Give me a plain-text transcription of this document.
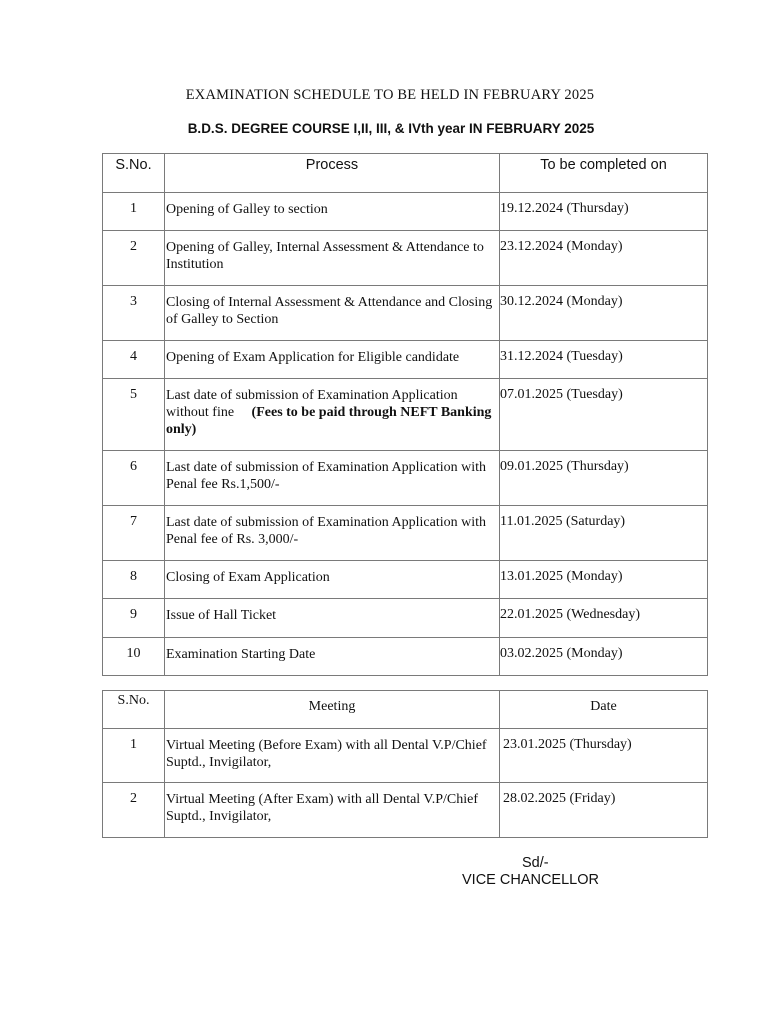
EXAMINATION SCHEDULE TO BE HELD IN FEBRUARY 2025
B.D.S. DEGREE COURSE I,II, III, & IVth year IN FEBRUARY 2025
S.No.	Process	To be completed on
1	Opening of Galley to section	19.12.2024 (Thursday)
2	Opening of Galley, Internal Assessment & Attendance to Institution	23.12.2024 (Monday)
3	Closing of Internal Assessment & Attendance and Closing of Galley to Section	30.12.2024 (Monday)
4	Opening of Exam Application for Eligible candidate	31.12.2024 (Tuesday)
5	Last date of submission of Examination Application without fine (Fees to be paid through NEFT Banking only)	07.01.2025 (Tuesday)
6	Last date of submission of Examination Application with Penal fee Rs.1,500/-	09.01.2025 (Thursday)
7	Last date of submission of Examination Application with Penal fee of Rs. 3,000/-	11.01.2025 (Saturday)
8	Closing of Exam Application	13.01.2025 (Monday)
9	Issue of Hall Ticket	22.01.2025 (Wednesday)
10	Examination Starting Date	03.02.2025 (Monday)
S.No.	Meeting	Date
1	Virtual Meeting (Before Exam) with all Dental V.P/Chief Suptd., Invigilator,	23.01.2025 (Thursday)
2	Virtual Meeting (After Exam) with all Dental V.P/Chief Suptd., Invigilator,	28.02.2025 (Friday)
Sd/-
VICE CHANCELLOR
